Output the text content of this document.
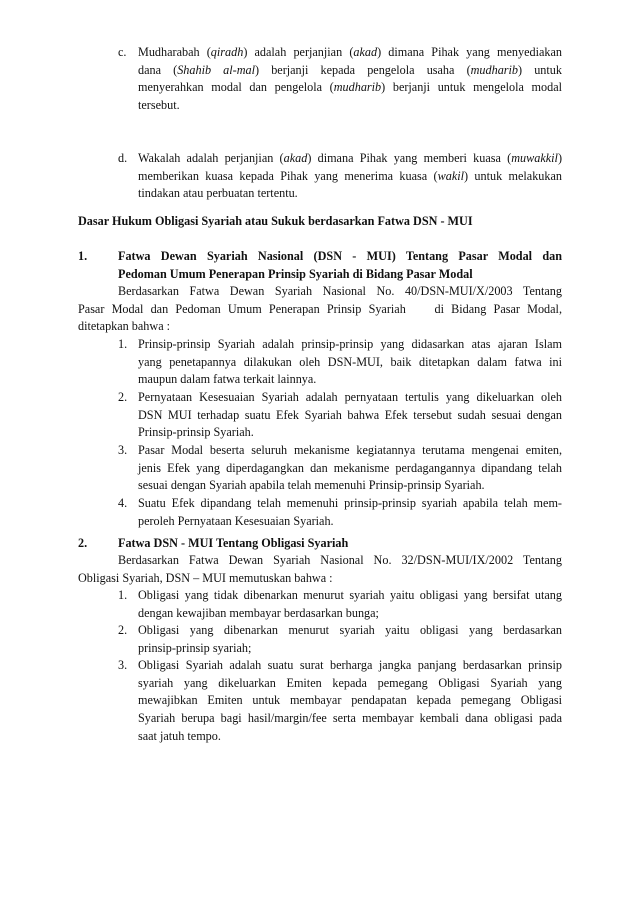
c. Mudharabah (qiradh) adalah perjanjian (akad) dimana Pihak yang menyediakan
dana (Shahib al-mal) berjanji kepada pengelola usaha (mudharib) untuk
menyerahkan modal dan pengelola (mudharib) berjanji untuk mengelola modal
tersebut.
d. Wakalah adalah perjanjian (akad) dimana Pihak yang memberi kuasa (muwakkil)
memberikan kuasa kepada Pihak yang menerima kuasa (wakil) untuk melakukan
tindakan atau perbuatan tertentu.
Dasar Hukum Obligasi Syariah atau Sukuk berdasarkan Fatwa DSN - MUI
1.	Fatwa Dewan Syariah Nasional (DSN - MUI) Tentang Pasar Modal dan
Pedoman Umum Penerapan Prinsip Syariah di Bidang Pasar Modal
Berdasarkan Fatwa Dewan Syariah Nasional No. 40/DSN-MUI/X/2003 Tentang
Pasar Modal dan Pedoman Umum Penerapan Prinsip Syariah    di Bidang Pasar Modal,
ditetapkan bahwa :
1. Prinsip-prinsip Syariah adalah prinsip-prinsip yang didasarkan atas ajaran Islam
yang penetapannya dilakukan oleh DSN-MUI, baik ditetapkan dalam fatwa ini
maupun dalam fatwa terkait lainnya.
2. Pernyataan Kesesuaian Syariah adalah pernyataan tertulis yang dikeluarkan oleh
DSN MUI terhadap suatu Efek Syariah bahwa Efek tersebut sudah sesuai dengan
Prinsip-prinsip Syariah.
3. Pasar Modal beserta seluruh mekanisme kegiatannya terutama mengenai emiten,
jenis Efek yang diperdagangkan dan mekanisme perdagangannya dipandang telah
sesuai dengan Syariah apabila telah memenuhi Prinsip-prinsip Syariah.
4. Suatu Efek dipandang telah memenuhi prinsip-prinsip syariah apabila telah mem-
peroleh Pernyataan Kesesuaian Syariah.
2.	Fatwa DSN - MUI Tentang Obligasi Syariah
Berdasarkan Fatwa Dewan Syariah Nasional No. 32/DSN-MUI/IX/2002 Tentang
Obligasi Syariah, DSN – MUI memutuskan bahwa :
1. Obligasi yang tidak dibenarkan menurut syariah yaitu obligasi yang bersifat utang
dengan kewajiban membayar berdasarkan bunga;
2. Obligasi yang dibenarkan menurut syariah yaitu obligasi yang berdasarkan
prinsip-prinsip syariah;
3. Obligasi Syariah adalah suatu surat berharga jangka panjang berdasarkan prinsip
syariah yang dikeluarkan Emiten kepada pemegang Obligasi Syariah yang
mewajibkan Emiten untuk membayar pendapatan kepada pemegang Obligasi
Syariah berupa bagi hasil/margin/fee serta membayar kembali dana obligasi pada
saat jatuh tempo.
